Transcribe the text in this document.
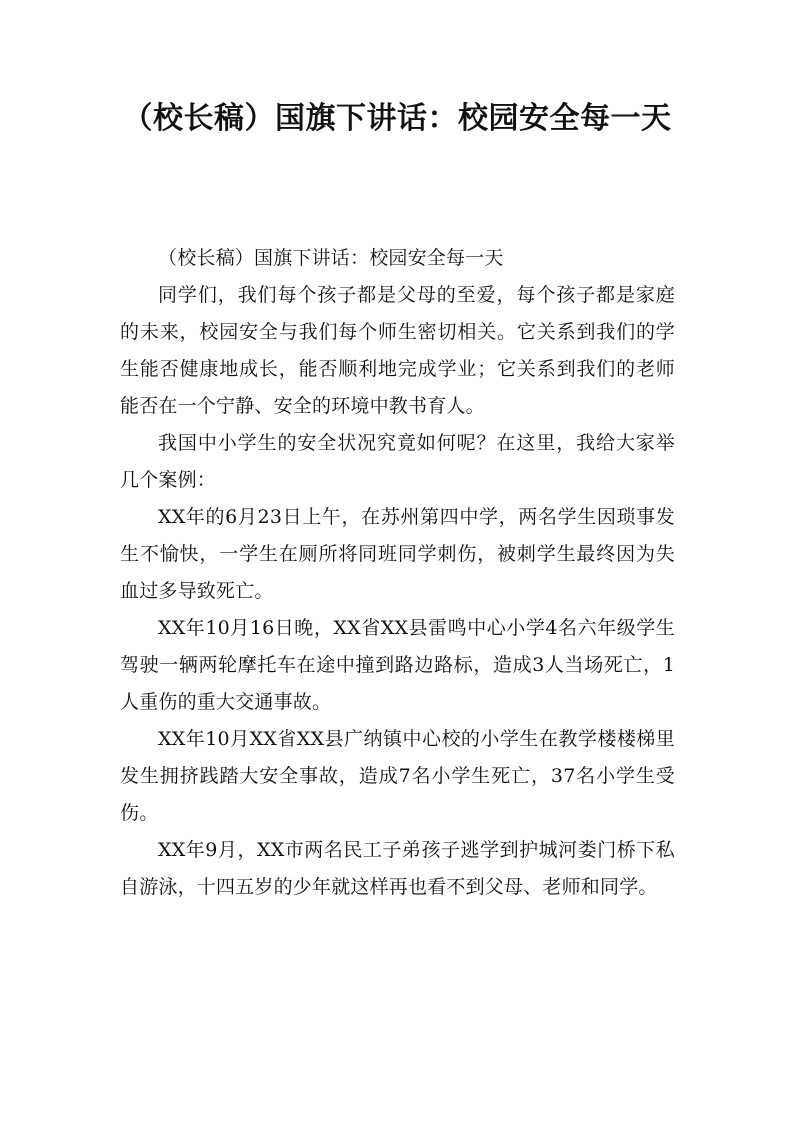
（校长稿）国旗下讲话：校园安全每一天

（校长稿）国旗下讲话：校园安全每一天

同学们，我们每个孩子都是父母的至爱，每个孩子都是家庭的未来，校园安全与我们每个师生密切相关。它关系到我们的学生能否健康地成长，能否顺利地完成学业；它关系到我们的老师能否在一个宁静、安全的环境中教书育人。

我国中小学生的安全状况究竟如何呢？在这里，我给大家举几个案例：

XX年的6月23日上午，在苏州第四中学，两名学生因琐事发生不愉快，一学生在厕所将同班同学刺伤，被刺学生最终因为失血过多导致死亡。

XX年10月16日晚，XX省XX县雷鸣中心小学4名六年级学生驾驶一辆两轮摩托车在途中撞到路边路标，造成3人当场死亡，1人重伤的重大交通事故。

XX年10月XX省XX县广纳镇中心校的小学生在教学楼楼梯里发生拥挤践踏大安全事故，造成7名小学生死亡，37名小学生受伤。

XX年9月，XX市两名民工子弟孩子逃学到护城河娄门桥下私自游泳，十四五岁的少年就这样再也看不到父母、老师和同学。
